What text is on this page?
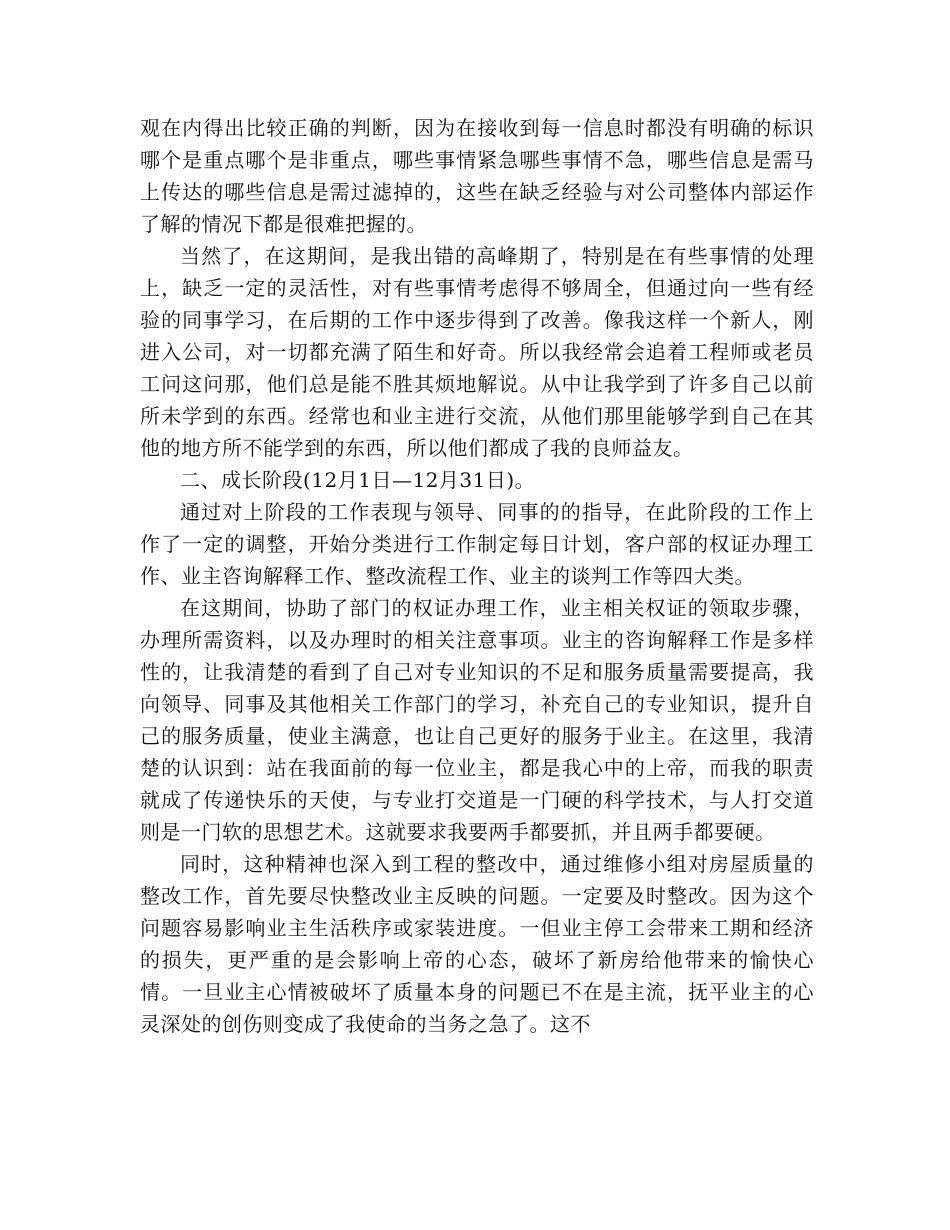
观在内得出比较正确的判断，因为在接收到每一信息时都没有明确的标识哪个是重点哪个是非重点，哪些事情紧急哪些事情不急，哪些信息是需马上传达的哪些信息是需过滤掉的，这些在缺乏经验与对公司整体内部运作了解的情况下都是很难把握的。

当然了，在这期间，是我出错的高峰期了，特别是在有些事情的处理上，缺乏一定的灵活性，对有些事情考虑得不够周全，但通过向一些有经验的同事学习，在后期的工作中逐步得到了改善。像我这样一个新人，刚进入公司，对一切都充满了陌生和好奇。所以我经常会追着工程师或老员工问这问那，他们总是能不胜其烦地解说。从中让我学到了许多自己以前所未学到的东西。经常也和业主进行交流，从他们那里能够学到自己在其他的地方所不能学到的东西，所以他们都成了我的良师益友。

二、成长阶段(12月1日—12月31日)。

通过对上阶段的工作表现与领导、同事的的指导，在此阶段的工作上作了一定的调整，开始分类进行工作制定每日计划，客户部的权证办理工作、业主咨询解释工作、整改流程工作、业主的谈判工作等四大类。

在这期间，协助了部门的权证办理工作，业主相关权证的领取步骤，办理所需资料，以及办理时的相关注意事项。业主的咨询解释工作是多样性的，让我清楚的看到了自己对专业知识的不足和服务质量需要提高，我向领导、同事及其他相关工作部门的学习，补充自己的专业知识，提升自己的服务质量，使业主满意，也让自己更好的服务于业主。在这里，我清楚的认识到：站在我面前的每一位业主，都是我心中的上帝，而我的职责就成了传递快乐的天使，与专业打交道是一门硬的科学技术，与人打交道则是一门软的思想艺术。这就要求我要两手都要抓，并且两手都要硬。

同时，这种精神也深入到工程的整改中，通过维修小组对房屋质量的整改工作，首先要尽快整改业主反映的问题。一定要及时整改。因为这个问题容易影响业主生活秩序或家装进度。一但业主停工会带来工期和经济的损失，更严重的是会影响上帝的心态，破坏了新房给他带来的愉快心情。一旦业主心情被破坏了质量本身的问题已不在是主流，抚平业主的心灵深处的创伤则变成了我使命的当务之急了。这不
